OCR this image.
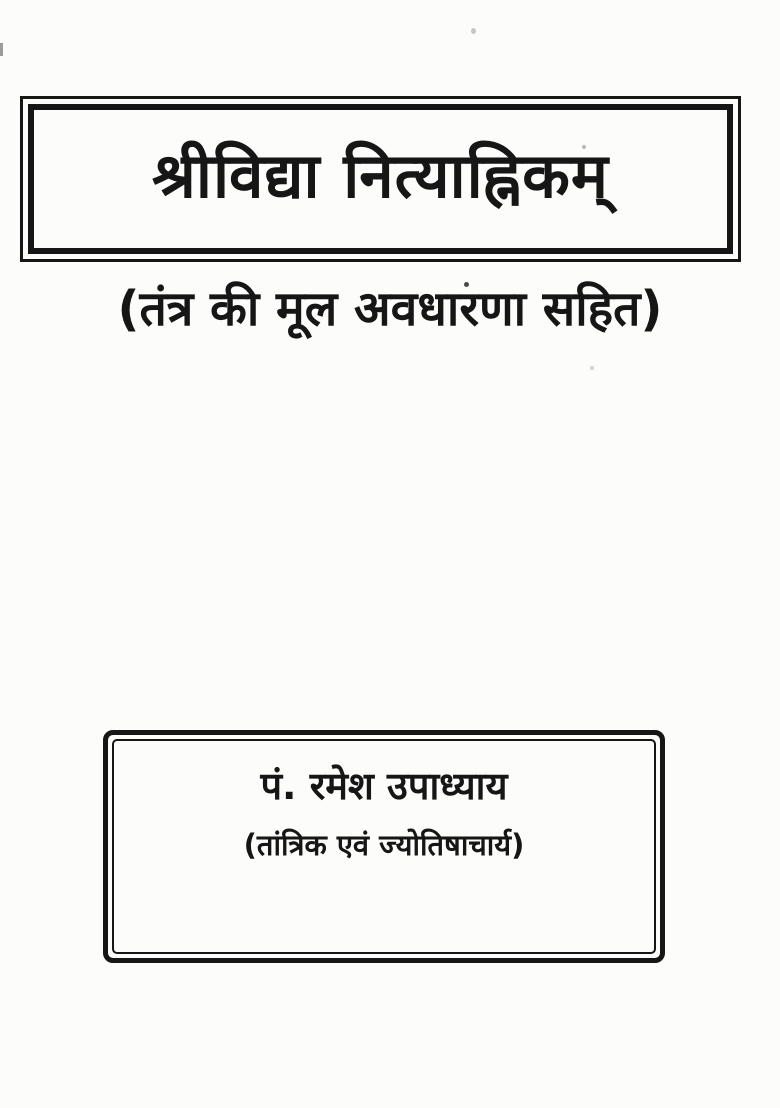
श्रीविद्या नित्याह्निकम्
(तंत्र की मूल अवधारणा सहित)
पं. रमेश उपाध्याय
(तांत्रिक एवं ज्योतिषाचार्य)
